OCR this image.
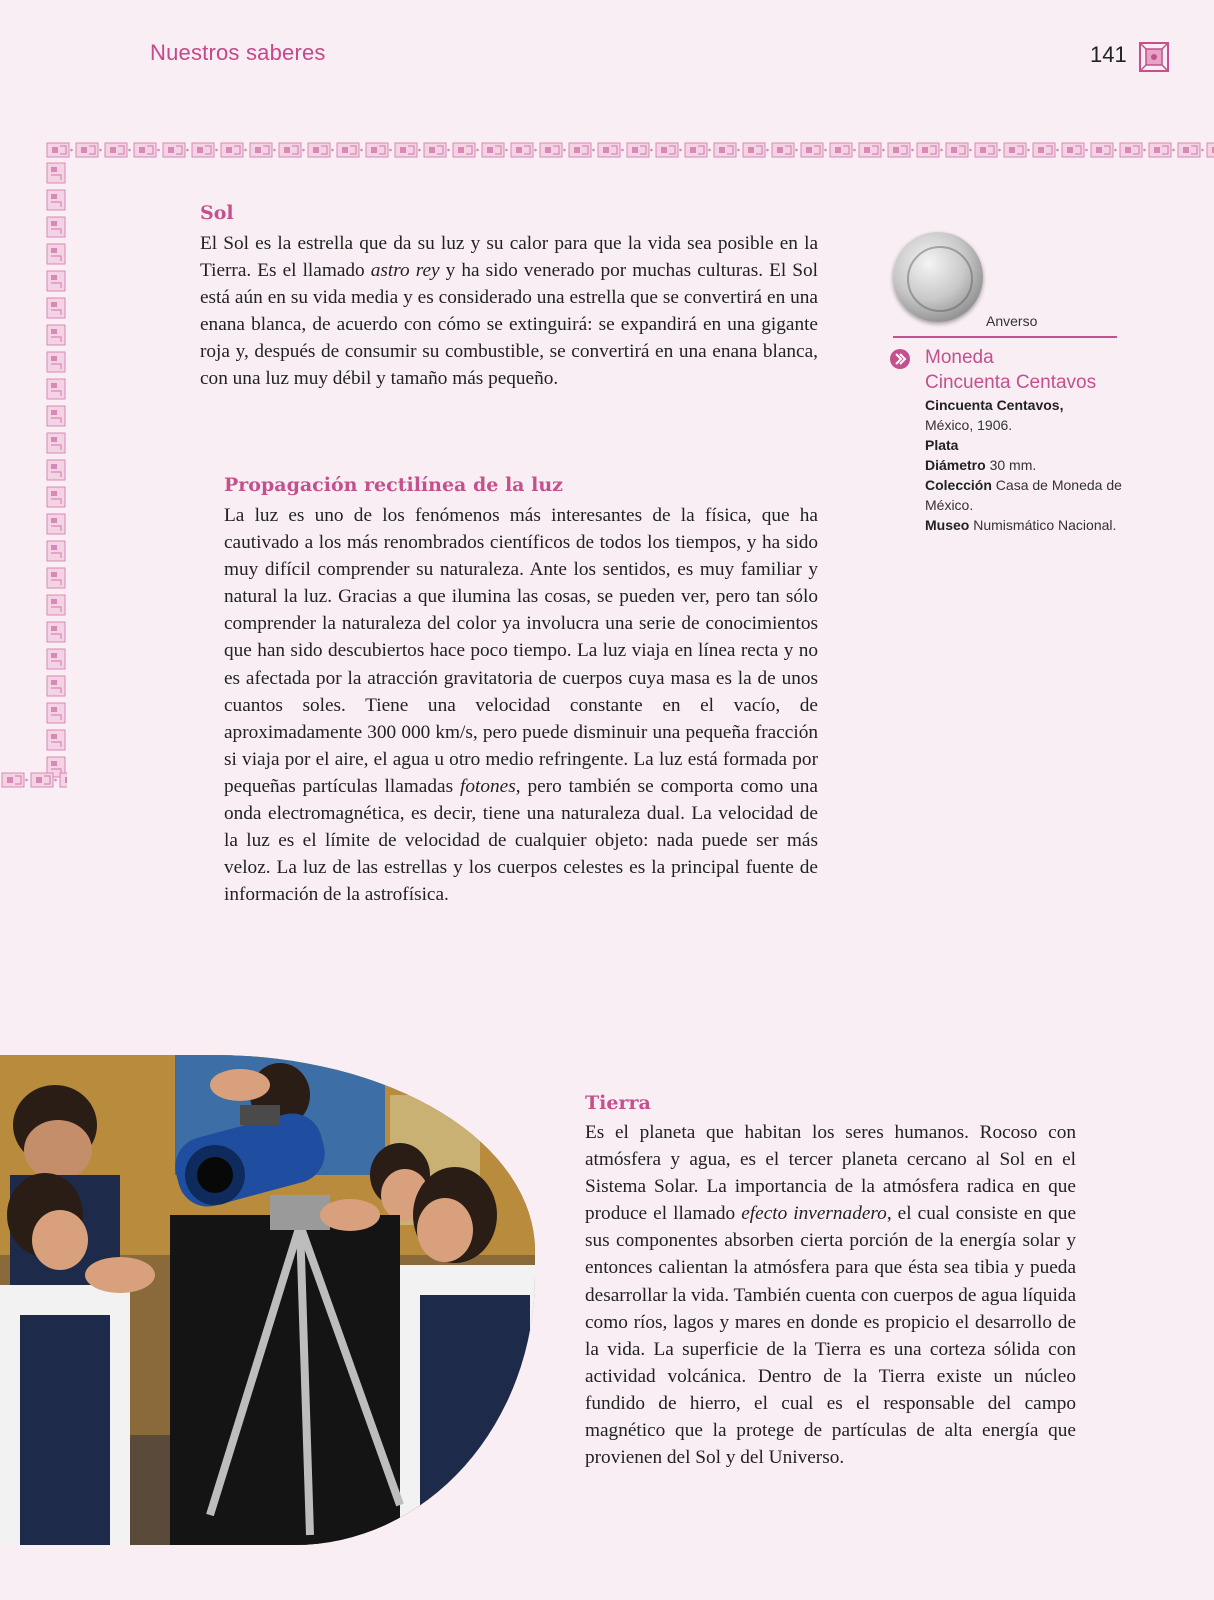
Nuestros saberes	141
Sol
El Sol es la estrella que da su luz y su calor para que la vida sea posible en la Tierra. Es el llamado astro rey y ha sido venerado por muchas culturas. El Sol está aún en su vida media y es considerado una estrella que se convertirá en una enana blanca, de acuerdo con cómo se extinguirá: se expandirá en una gigante roja y, después de consumir su combustible, se convertirá en una enana blanca, con una luz muy débil y tamaño más pequeño.
Propagación rectilínea de la luz
La luz es uno de los fenómenos más interesantes de la física, que ha cautivado a los más renombrados científicos de todos los tiempos, y ha sido muy difícil comprender su naturaleza. Ante los sentidos, es muy familiar y natural la luz. Gracias a que ilumina las cosas, se pueden ver, pero tan sólo comprender la naturaleza del color ya involucra una serie de conocimientos que han sido descubiertos hace poco tiempo. La luz viaja en línea recta y no es afectada por la atracción gravitatoria de cuerpos cuya masa es la de unos cuantos soles. Tiene una velocidad constante en el vacío, de aproximadamente 300 000 km/s, pero puede disminuir una pequeña fracción si viaja por el aire, el agua u otro medio refringente. La luz está formada por pequeñas partículas llamadas fotones, pero también se comporta como una onda electromagnética, es decir, tiene una naturaleza dual. La velocidad de la luz es el límite de velocidad de cualquier objeto: nada puede ser más veloz. La luz de las estrellas y los cuerpos celestes es la principal fuente de información de la astrofísica.
Tierra
Es el planeta que habitan los seres humanos. Rocoso con atmósfera y agua, es el tercer planeta cercano al Sol en el Sistema Solar. La importancia de la atmósfera radica en que produce el llamado efecto invernadero, el cual consiste en que sus componentes absorben cierta porción de la energía solar y entonces calientan la atmósfera para que ésta sea tibia y pueda desarrollar la vida. También cuenta con cuerpos de agua líquida como ríos, lagos y mares en donde es propicio el desarrollo de la vida. La superficie de la Tierra es una corteza sólida con actividad volcánica. Dentro de la Tierra existe un núcleo fundido de hierro, el cual es el responsable del campo magnético que la protege de partículas de alta energía que provienen del Sol y del Universo.
Anverso
Moneda
Cincuenta Centavos
Cincuenta Centavos,
México, 1906.
Plata
Diámetro 30 mm.
Colección Casa de Moneda de México.
Museo Numismático Nacional.
